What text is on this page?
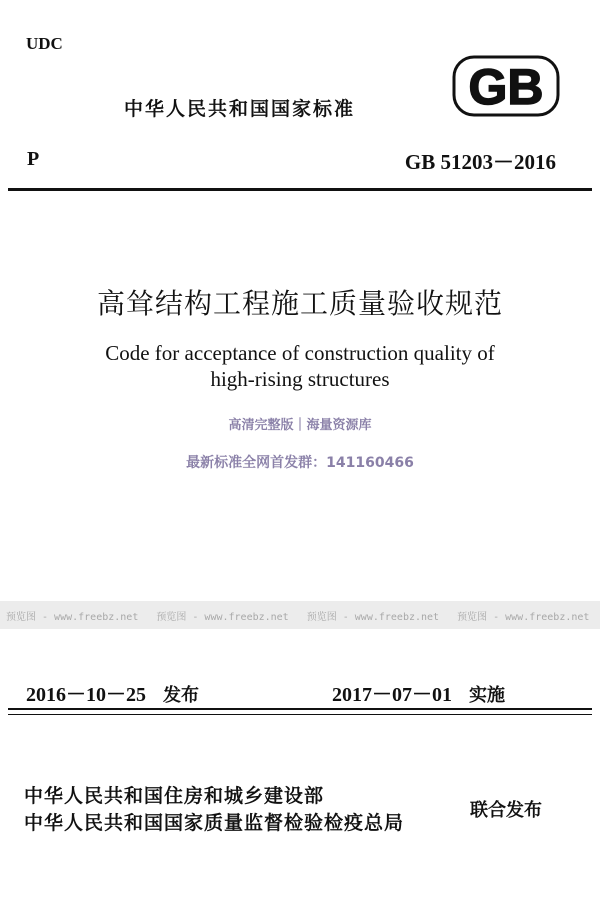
UDC
中华人民共和国国家标准 GB
P	GB 51203－2016
高耸结构工程施工质量验收规范
Code for acceptance of construction quality of
high-rising structures
高清完整版｜海量资源库
最新标准全网首发群：141160466
预览图 - www.freebz.net 预览图 - www.freebz.net 预览图 - www.freebz.net 预览图 - www.freebz.net
2016－10－25 发布	2017－07－01 实施
中华人民共和国住房和城乡建设部
中华人民共和国国家质量监督检验检疫总局
联合发布
